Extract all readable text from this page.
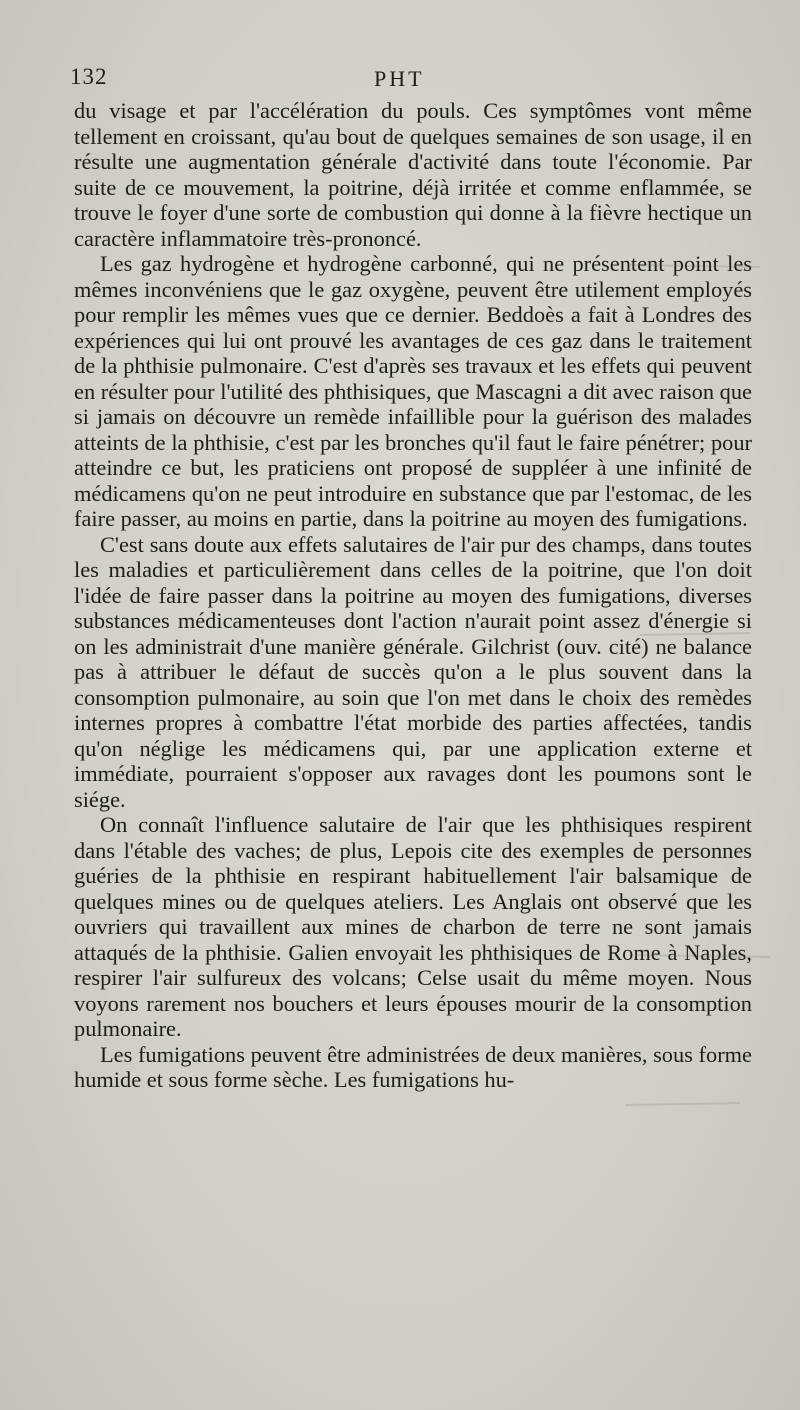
132	PHT

du visage et par l'accélération du pouls. Ces symptômes vont même tellement en croissant, qu'au bout de quelques semaines de son usage, il en résulte une augmentation générale d'activité dans toute l'économie. Par suite de ce mouvement, la poitrine, déjà irritée et comme enflammée, se trouve le foyer d'une sorte de combustion qui donne à la fièvre hectique un caractère inflammatoire très-prononcé.

Les gaz hydrogène et hydrogène carbonné, qui ne présentent point les mêmes inconvéniens que le gaz oxygène, peuvent être utilement employés pour remplir les mêmes vues que ce dernier. Beddoès a fait à Londres des expériences qui lui ont prouvé les avantages de ces gaz dans le traitement de la phthisie pulmonaire. C'est d'après ses travaux et les effets qui peuvent en résulter pour l'utilité des phthisiques, que Mascagni a dit avec raison que si jamais on découvre un remède infaillible pour la guérison des malades atteints de la phthisie, c'est par les bronches qu'il faut le faire pénétrer; pour atteindre ce but, les praticiens ont proposé de suppléer à une infinité de médicamens qu'on ne peut introduire en substance que par l'estomac, de les faire passer, au moins en partie, dans la poitrine au moyen des fumigations.

C'est sans doute aux effets salutaires de l'air pur des champs, dans toutes les maladies et particulièrement dans celles de la poitrine, que l'on doit l'idée de faire passer dans la poitrine au moyen des fumigations, diverses substances médicamenteuses dont l'action n'aurait point assez d'énergie si on les administrait d'une manière générale. Gilchrist (ouv. cité) ne balance pas à attribuer le défaut de succès qu'on a le plus souvent dans la consomption pulmonaire, au soin que l'on met dans le choix des remèdes internes propres à combattre l'état morbide des parties affectées, tandis qu'on néglige les médicamens qui, par une application externe et immédiate, pourraient s'opposer aux ravages dont les poumons sont le siége.

On connaît l'influence salutaire de l'air que les phthisiques respirent dans l'étable des vaches; de plus, Lepois cite des exemples de personnes guéries de la phthisie en respirant habituellement l'air balsamique de quelques mines ou de quelques ateliers. Les Anglais ont observé que les ouvriers qui travaillent aux mines de charbon de terre ne sont jamais attaqués de la phthisie. Galien envoyait les phthisiques de Rome à Naples, respirer l'air sulfureux des volcans; Celse usait du même moyen. Nous voyons rarement nos bouchers et leurs épouses mourir de la consomption pulmonaire.

Les fumigations peuvent être administrées de deux manières, sous forme humide et sous forme sèche. Les fumigations hu-
